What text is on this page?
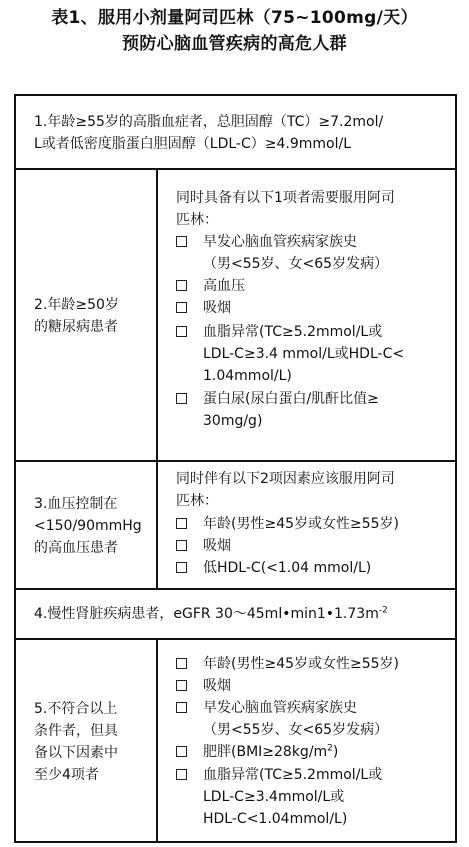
表1、服用小剂量阿司匹林（75~100mg/天）
预防心脑血管疾病的高危人群
1.年龄≥55岁的高脂血症者，总胆固醇（TC）≥7.2mol/
L或者低密度脂蛋白胆固醇（LDL-C）≥4.9mmol/L
2.年龄≥50岁
的糖尿病患者
同时具备有以下1项者需要服用阿司
匹林：
早发心脑血管疾病家族史
（男<55岁、女<65岁发病）
高血压
吸烟
血脂异常(TC≥5.2mmol/L或
LDL-C≥3.4 mmol/L或HDL-C<
1.04mmol/L)
蛋白尿(尿白蛋白/肌酐比值≥
30mg/g)
3.血压控制在
<150/90mmHg
的高血压患者
同时伴有以下2项因素应该服用阿司
匹林：
年龄(男性≥45岁或女性≥55岁)
吸烟
低HDL-C(<1.04 mmol/L)
4.慢性肾脏疾病患者，eGFR $30\sim 45ml•\min 1•1.73m^{-2}$
5.不符合以上
条件者，但具
备以下因素中
至少4项者
年龄(男性≥45岁或女性≥55岁)
吸烟
早发心脑血管疾病家族史
（男<55岁、女<65岁发病）
肥胖$(BMI\ge 28kg/m^2)$
血脂异常(TC≥5.2mmol/L或
LDL-C≥3.4mmol/L或
HDL-C<1.04mmol/L)
